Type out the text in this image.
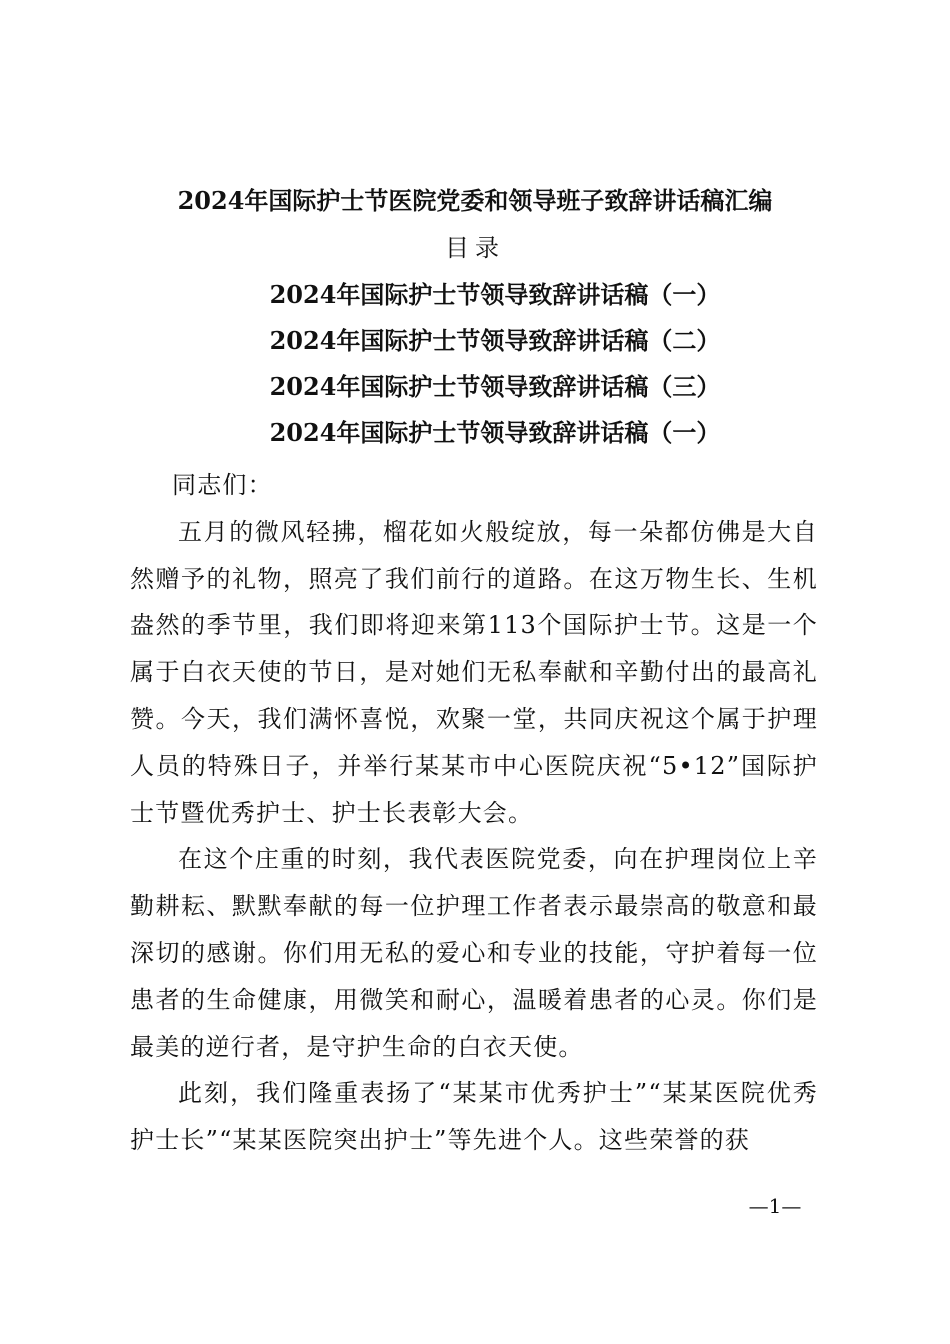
2024年国际护士节医院党委和领导班子致辞讲话稿汇编
目录
2024年国际护士节领导致辞讲话稿（一）
2024年国际护士节领导致辞讲话稿（二）
2024年国际护士节领导致辞讲话稿（三）
2024年国际护士节领导致辞讲话稿（一）

同志们：

五月的微风轻拂，榴花如火般绽放，每一朵都仿佛是大自然赠予的礼物，照亮了我们前行的道路。在这万物生长、生机盎然的季节里，我们即将迎来第113个国际护士节。这是一个属于白衣天使的节日，是对她们无私奉献和辛勤付出的最高礼赞。今天，我们满怀喜悦，欢聚一堂，共同庆祝这个属于护理人员的特殊日子，并举行某某市中心医院庆祝“5•12”国际护士节暨优秀护士、护士长表彰大会。

在这个庄重的时刻，我代表医院党委，向在护理岗位上辛勤耕耘、默默奉献的每一位护理工作者表示最崇高的敬意和最深切的感谢。你们用无私的爱心和专业的技能，守护着每一位患者的生命健康，用微笑和耐心，温暖着患者的心灵。你们是最美的逆行者，是守护生命的白衣天使。

此刻，我们隆重表扬了“某某市优秀护士”“某某医院优秀护士长”“某某医院突出护士”等先进个人。这些荣誉的获

—1—
